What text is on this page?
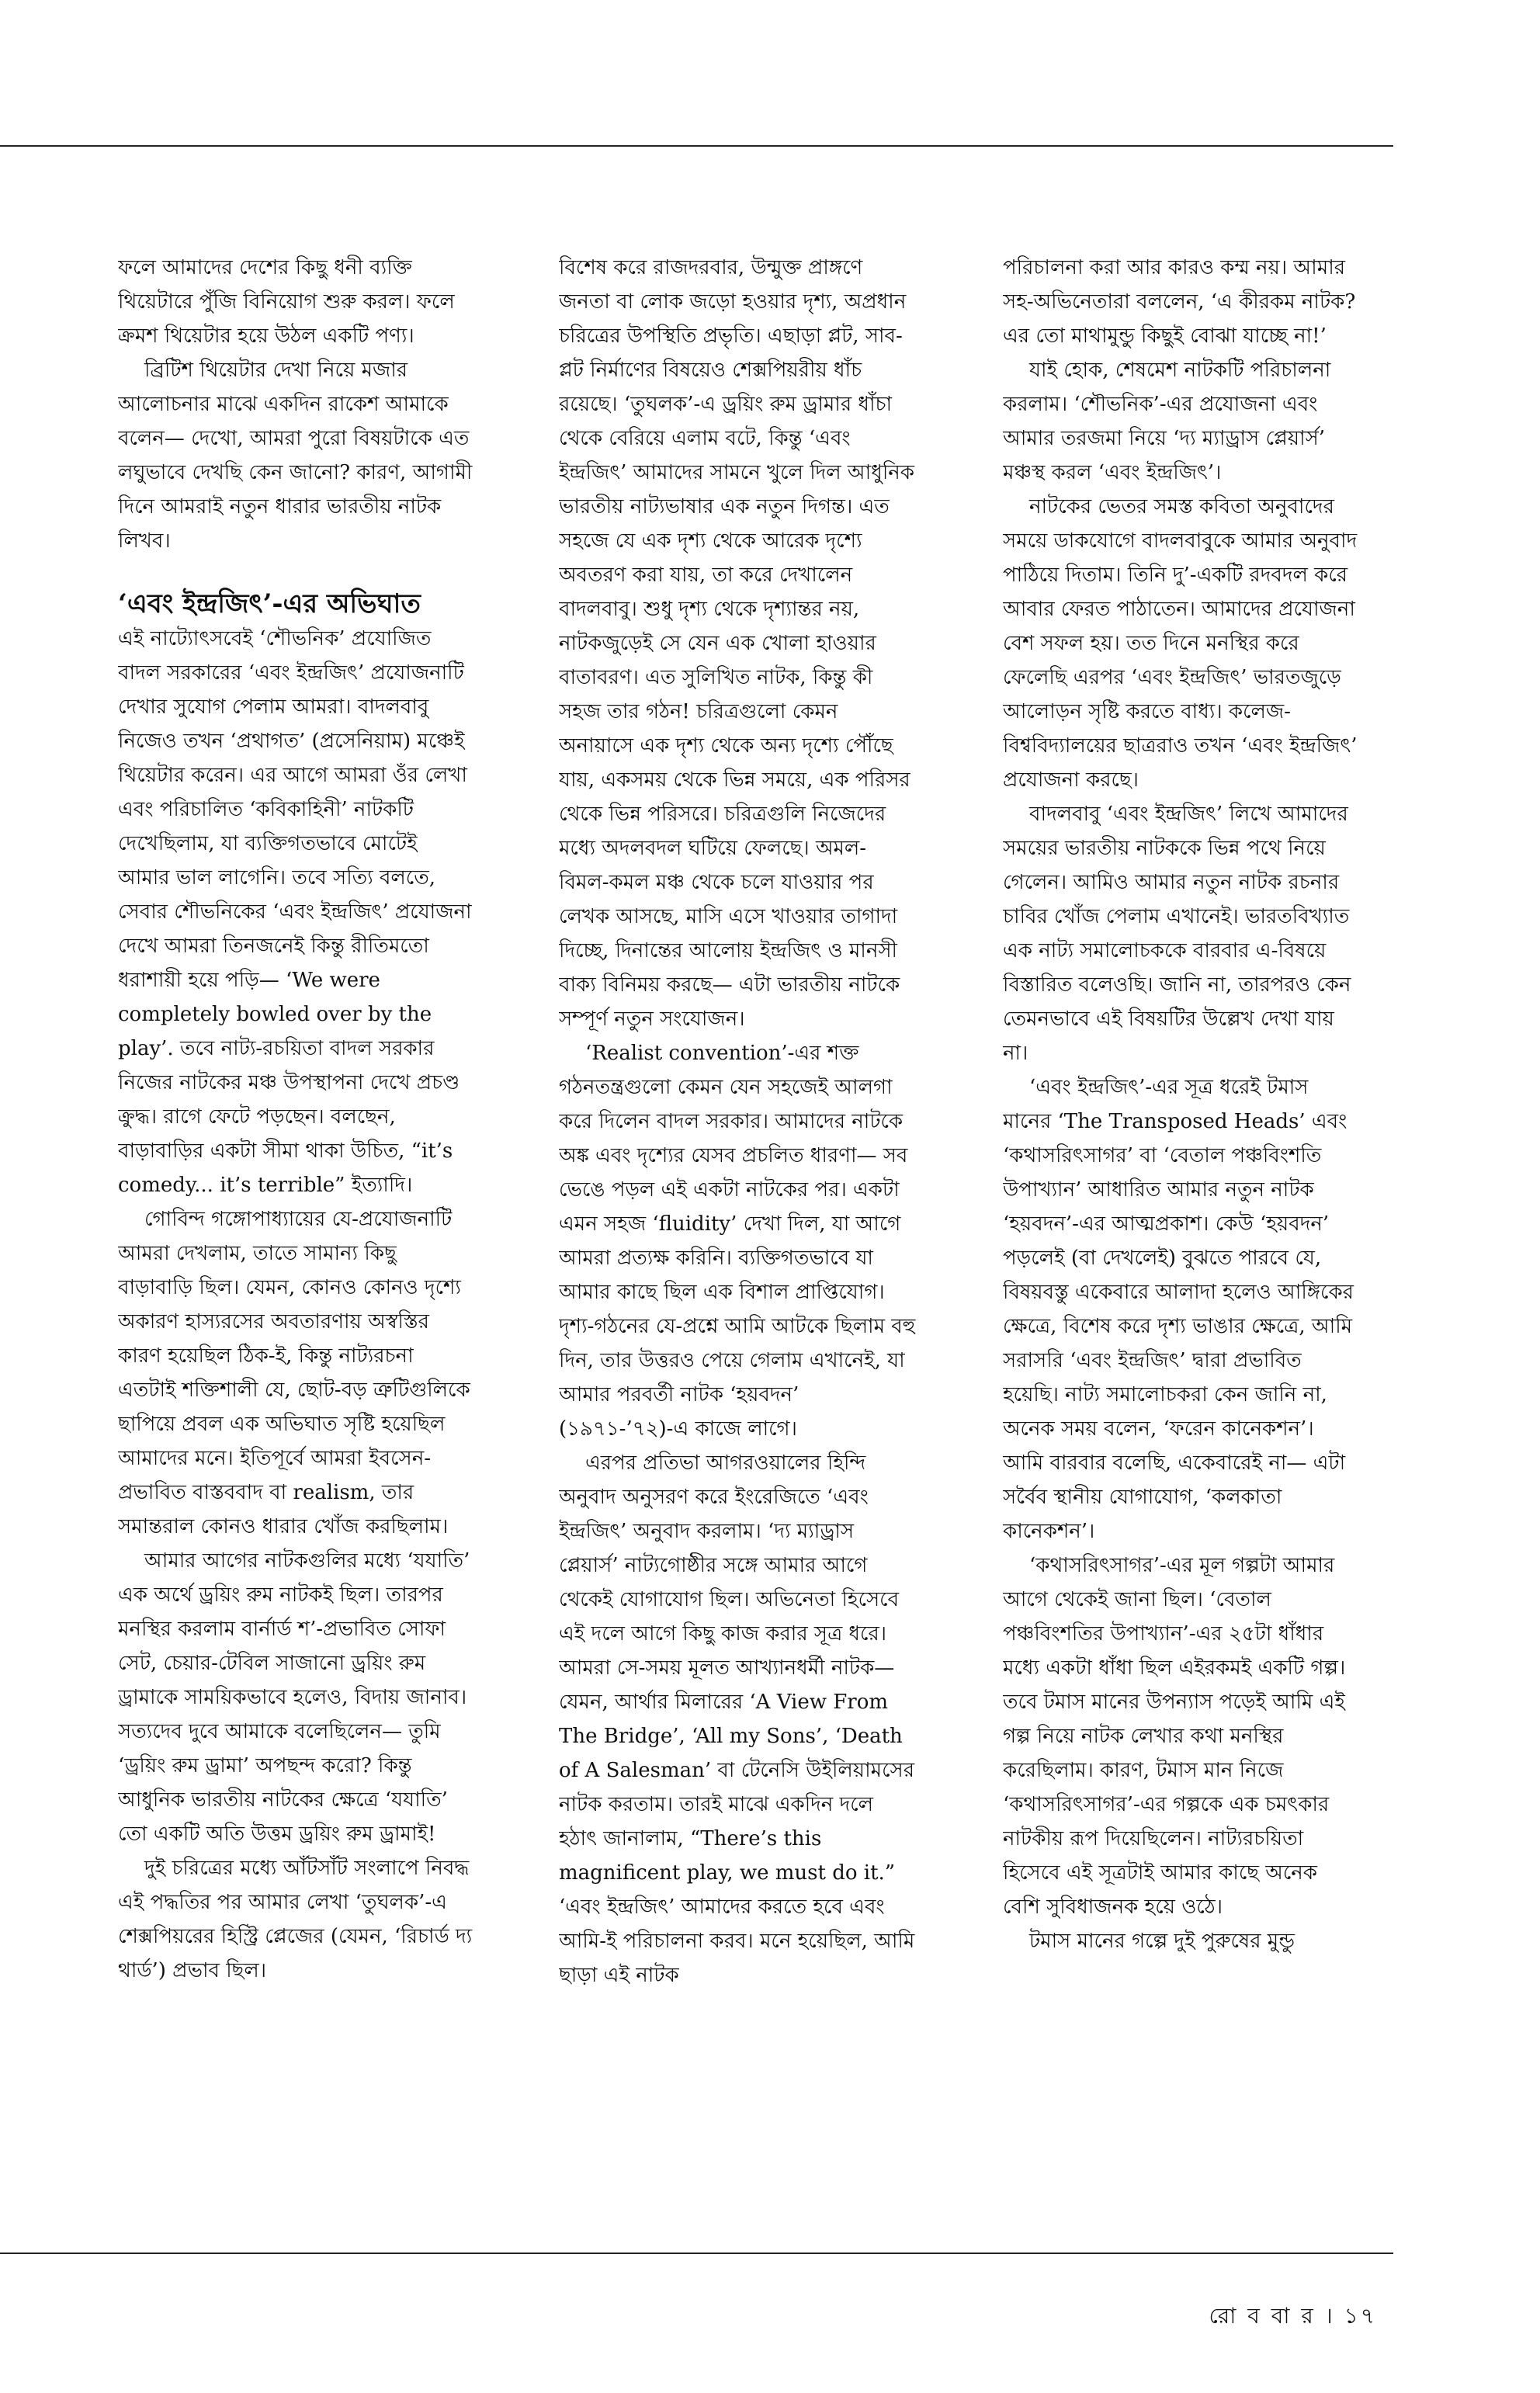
ফলে আমাদের দেশের কিছু ধনী ব্যক্তি থিয়েটারে পুঁজি বিনিয়োগ শুরু করল। ফলে ক্রমশ থিয়েটার হয়ে উঠল একটি পণ্য।

ব্রিটিশ থিয়েটার দেখা নিয়ে মজার আলোচনার মাঝে একদিন রাকেশ আমাকে বলেন— দেখো, আমরা পুরো বিষয়টাকে এত লঘুভাবে দেখছি কেন জানো? কারণ, আগামী দিনে আমরাই নতুন ধারার ভারতীয় নাটক লিখব।

‘এবং ইন্দ্রজিৎ’-এর অভিঘাত

এই নাট্যোৎসবেই ‘শৌভনিক’ প্রযোজিত বাদল সরকারের ‘এবং ইন্দ্রজিৎ’ প্রযোজনাটি দেখার সুযোগ পেলাম আমরা। বাদলবাবু নিজেও তখন ‘প্রথাগত’ (প্রসেনিয়াম) মঞ্চেই থিয়েটার করেন। এর আগে আমরা ওঁর লেখা এবং পরিচালিত ‘কবিকাহিনী’ নাটকটি দেখেছিলাম, যা ব্যক্তিগতভাবে মোটেই আমার ভাল লাগেনি। তবে সত্যি বলতে, সেবার শৌভনিকের ‘এবং ইন্দ্রজিৎ’ প্রযোজনা দেখে আমরা তিনজনেই কিন্তু রীতিমতো ধরাশায়ী হয়ে পড়ি— ‘We were completely bowled over by the play’. তবে নাট্য-রচয়িতা বাদল সরকার নিজের নাটকের মঞ্চ উপস্থাপনা দেখে প্রচণ্ড ক্রুদ্ধ। রাগে ফেটে পড়ছেন। বলছেন, বাড়াবাড়ির একটা সীমা থাকা উচিত, “it’s comedy... it’s terrible” ইত্যাদি।

গোবিন্দ গঙ্গোপাধ্যায়ের যে-প্রযোজনাটি আমরা দেখলাম, তাতে সামান্য কিছু বাড়াবাড়ি ছিল। যেমন, কোনও কোনও দৃশ্যে অকারণ হাস্যরসের অবতারণায় অস্বস্তির কারণ হয়েছিল ঠিক-ই, কিন্তু নাট্যরচনা এতটাই শক্তিশালী যে, ছোট-বড় ত্রুটিগুলিকে ছাপিয়ে প্রবল এক অভিঘাত সৃষ্টি হয়েছিল আমাদের মনে। ইতিপূর্বে আমরা ইবসেন-প্রভাবিত বাস্তববাদ বা realism, তার সমান্তরাল কোনও ধারার খোঁজ করছিলাম।

আমার আগের নাটকগুলির মধ্যে ‘যযাতি’ এক অর্থে ড্রয়িং রুম নাটকই ছিল। তারপর মনস্থির করলাম বার্নার্ড শ’-প্রভাবিত সোফা সেট, চেয়ার-টেবিল সাজানো ড্রয়িং রুম ড্রামাকে সাময়িকভাবে হলেও, বিদায় জানাব। সত্যদেব দুবে আমাকে বলেছিলেন— তুমি ‘ড্রয়িং রুম ড্রামা’ অপছন্দ করো? কিন্তু আধুনিক ভারতীয় নাটকের ক্ষেত্রে ‘যযাতি’ তো একটি অতি উত্তম ড্রয়িং রুম ড্রামাই!

দুই চরিত্রের মধ্যে আঁটসাঁট সংলাপে নিবদ্ধ এই পদ্ধতির পর আমার লেখা ‘তুঘলক’-এ শেক্সপিয়রের হিস্ট্রি প্লেজের (যেমন, ‘রিচার্ড দ্য থার্ড’) প্রভাব ছিল।

বিশেষ করে রাজদরবার, উন্মুক্ত প্রাঙ্গণে জনতা বা লোক জড়ো হওয়ার দৃশ্য, অপ্রধান চরিত্রের উপস্থিতি প্রভৃতি। এছাড়া প্লট, সাব-প্লট নির্মাণের বিষয়েও শেক্সপিয়রীয় ধাঁচ রয়েছে। ‘তুঘলক’-এ ড্রয়িং রুম ড্রামার ধাঁচা থেকে বেরিয়ে এলাম বটে, কিন্তু ‘এবং ইন্দ্রজিৎ’ আমাদের সামনে খুলে দিল আধুনিক ভারতীয় নাট্যভাষার এক নতুন দিগন্ত। এত সহজে যে এক দৃশ্য থেকে আরেক দৃশ্যে অবতরণ করা যায়, তা করে দেখালেন বাদলবাবু। শুধু দৃশ্য থেকে দৃশ্যান্তর নয়, নাটকজুড়েই সে যেন এক খোলা হাওয়ার বাতাবরণ। এত সুলিখিত নাটক, কিন্তু কী সহজ তার গঠন! চরিত্রগুলো কেমন অনায়াসে এক দৃশ্য থেকে অন্য দৃশ্যে পৌঁছে যায়, একসময় থেকে ভিন্ন সময়ে, এক পরিসর থেকে ভিন্ন পরিসরে। চরিত্রগুলি নিজেদের মধ্যে অদলবদল ঘটিয়ে ফেলছে। অমল-বিমল-কমল মঞ্চ থেকে চলে যাওয়ার পর লেখক আসছে, মাসি এসে খাওয়ার তাগাদা দিচ্ছে, দিনান্তের আলোয় ইন্দ্রজিৎ ও মানসী বাক্য বিনিময় করছে— এটা ভারতীয় নাটকে সম্পূর্ণ নতুন সংযোজন।

‘Realist convention’-এর শক্ত গঠনতন্ত্রগুলো কেমন যেন সহজেই আলগা করে দিলেন বাদল সরকার। আমাদের নাটকে অঙ্ক এবং দৃশ্যের যেসব প্রচলিত ধারণা— সব ভেঙে পড়ল এই একটা নাটকের পর। একটা এমন সহজ ‘fluidity’ দেখা দিল, যা আগে আমরা প্রত্যক্ষ করিনি। ব্যক্তিগতভাবে যা আমার কাছে ছিল এক বিশাল প্রাপ্তিযোগ। দৃশ্য-গঠনের যে-প্রশ্নে আমি আটকে ছিলাম বহু দিন, তার উত্তরও পেয়ে গেলাম এখানেই, যা আমার পরবর্তী নাটক ‘হয়বদন’ (১৯৭১-’৭২)-এ কাজে লাগে।

এরপর প্রতিভা আগরওয়ালের হিন্দি অনুবাদ অনুসরণ করে ইংরেজিতে ‘এবং ইন্দ্রজিৎ’ অনুবাদ করলাম। ‘দ্য ম্যাড্রাস প্লেয়ার্স’ নাট্যগোষ্ঠীর সঙ্গে আমার আগে থেকেই যোগাযোগ ছিল। অভিনেতা হিসেবে এই দলে আগে কিছু কাজ করার সূত্র ধরে। আমরা সে-সময় মূলত আখ্যানধর্মী নাটক— যেমন, আর্থার মিলারের ‘A View From The Bridge’, ‘All my Sons’, ‘Death of A Salesman’ বা টেনেসি উইলিয়ামসের নাটক করতাম। তারই মাঝে একদিন দলে হঠাৎ জানালাম, “There’s this magnificent play, we must do it.” ‘এবং ইন্দ্রজিৎ’ আমাদের করতে হবে এবং আমি-ই পরিচালনা করব। মনে হয়েছিল, আমি ছাড়া এই নাটক

পরিচালনা করা আর কারও কম্ম নয়। আমার সহ-অভিনেতারা বললেন, ‘এ কীরকম নাটক? এর তো মাথামুন্ডু কিছুই বোঝা যাচ্ছে না!’

যাই হোক, শেষমেশ নাটকটি পরিচালনা করলাম। ‘শৌভনিক’-এর প্রযোজনা এবং আমার তরজমা নিয়ে ‘দ্য ম্যাড্রাস প্লেয়ার্স’ মঞ্চস্থ করল ‘এবং ইন্দ্রজিৎ’।

নাটকের ভেতর সমস্ত কবিতা অনুবাদের সময়ে ডাকযোগে বাদলবাবুকে আমার অনুবাদ পাঠিয়ে দিতাম। তিনি দু’-একটি রদবদল করে আবার ফেরত পাঠাতেন। আমাদের প্রযোজনা বেশ সফল হয়। তত দিনে মনস্থির করে ফেলেছি এরপর ‘এবং ইন্দ্রজিৎ’ ভারতজুড়ে আলোড়ন সৃষ্টি করতে বাধ্য। কলেজ-বিশ্ববিদ্যালয়ের ছাত্ররাও তখন ‘এবং ইন্দ্রজিৎ’ প্রযোজনা করছে।

বাদলবাবু ‘এবং ইন্দ্রজিৎ’ লিখে আমাদের সময়ের ভারতীয় নাটককে ভিন্ন পথে নিয়ে গেলেন। আমিও আমার নতুন নাটক রচনার চাবির খোঁজ পেলাম এখানেই। ভারতবিখ্যাত এক নাট্য সমালোচককে বারবার এ-বিষয়ে বিস্তারিত বলেওছি। জানি না, তারপরও কেন তেমনভাবে এই বিষয়টির উল্লেখ দেখা যায় না।

‘এবং ইন্দ্রজিৎ’-এর সূত্র ধরেই টমাস মানের ‘The Transposed Heads’ এবং ‘কথাসরিৎসাগর’ বা ‘বেতাল পঞ্চবিংশতি উপাখ্যান’ আধারিত আমার নতুন নাটক ‘হয়বদন’-এর আত্মপ্রকাশ। কেউ ‘হয়বদন’ পড়লেই (বা দেখলেই) বুঝতে পারবে যে, বিষয়বস্তু একেবারে আলাদা হলেও আঙ্গিকের ক্ষেত্রে, বিশেষ করে দৃশ্য ভাঙার ক্ষেত্রে, আমি সরাসরি ‘এবং ইন্দ্রজিৎ’ দ্বারা প্রভাবিত হয়েছি। নাট্য সমালোচকরা কেন জানি না, অনেক সময় বলেন, ‘ফরেন কানেকশন’। আমি বারবার বলেছি, একেবারেই না— এটা সর্বৈব স্থানীয় যোগাযোগ, ‘কলকাতা কানেকশন’।

‘কথাসরিৎসাগর’-এর মূল গল্পটা আমার আগে থেকেই জানা ছিল। ‘বেতাল পঞ্চবিংশতির উপাখ্যান’-এর ২৫টা ধাঁধার মধ্যে একটা ধাঁধা ছিল এইরকমই একটি গল্প। তবে টমাস মানের উপন্যাস পড়েই আমি এই গল্প নিয়ে নাটক লেখার কথা মনস্থির করেছিলাম। কারণ, টমাস মান নিজে ‘কথাসরিৎসাগর’-এর গল্পকে এক চমৎকার নাটকীয় রূপ দিয়েছিলেন। নাট্যরচয়িতা হিসেবে এই সূত্রটাই আমার কাছে অনেক বেশি সুবিধাজনক হয়ে ওঠে।

টমাস মানের গল্পে দুই পুরুষের মুন্ডু

রো ব বা র । ১৭
